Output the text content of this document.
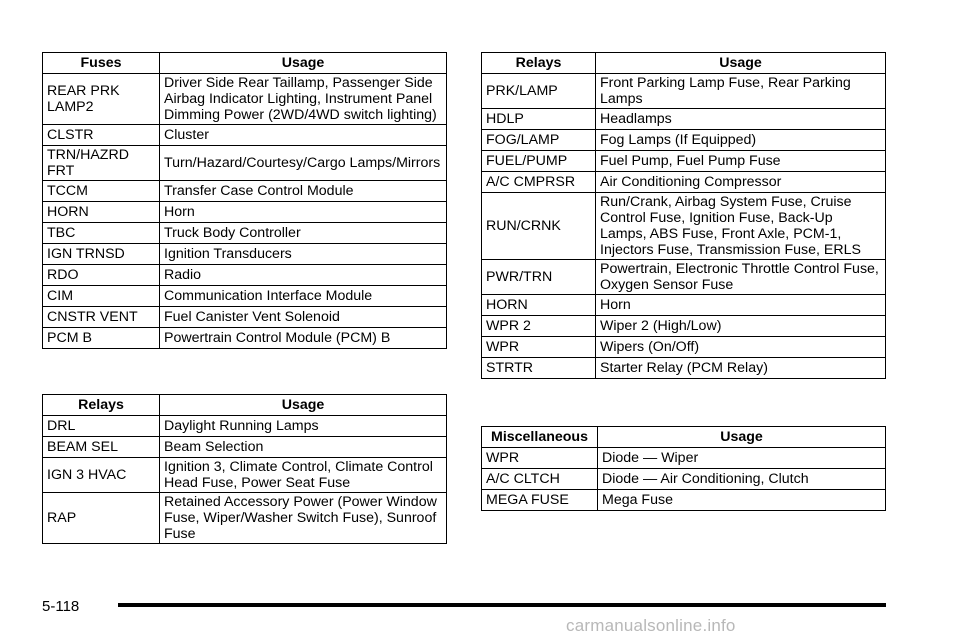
Fuses	Usage
REAR PRK LAMP2	Driver Side Rear Taillamp, Passenger Side Airbag Indicator Lighting, Instrument Panel Dimming Power (2WD/4WD switch lighting)
CLSTR	Cluster
TRN/HAZRD FRT	Turn/Hazard/Courtesy/Cargo Lamps/Mirrors
TCCM	Transfer Case Control Module
HORN	Horn
TBC	Truck Body Controller
IGN TRNSD	Ignition Transducers
RDO	Radio
CIM	Communication Interface Module
CNSTR VENT	Fuel Canister Vent Solenoid
PCM B	Powertrain Control Module (PCM) B
Relays	Usage
DRL	Daylight Running Lamps
BEAM SEL	Beam Selection
IGN 3 HVAC	Ignition 3, Climate Control, Climate Control Head Fuse, Power Seat Fuse
RAP	Retained Accessory Power (Power Window Fuse, Wiper/Washer Switch Fuse), Sunroof Fuse
Relays	Usage
PRK/LAMP	Front Parking Lamp Fuse, Rear Parking Lamps
HDLP	Headlamps
FOG/LAMP	Fog Lamps (If Equipped)
FUEL/PUMP	Fuel Pump, Fuel Pump Fuse
A/C CMPRSR	Air Conditioning Compressor
RUN/CRNK	Run/Crank, Airbag System Fuse, Cruise Control Fuse, Ignition Fuse, Back-Up Lamps, ABS Fuse, Front Axle, PCM-1, Injectors Fuse, Transmission Fuse, ERLS
PWR/TRN	Powertrain, Electronic Throttle Control Fuse, Oxygen Sensor Fuse
HORN	Horn
WPR 2	Wiper 2 (High/Low)
WPR	Wipers (On/Off)
STRTR	Starter Relay (PCM Relay)
Miscellaneous	Usage
WPR	Diode — Wiper
A/C CLTCH	Diode — Air Conditioning, Clutch
MEGA FUSE	Mega Fuse
5-118
carmanualsonline.info
